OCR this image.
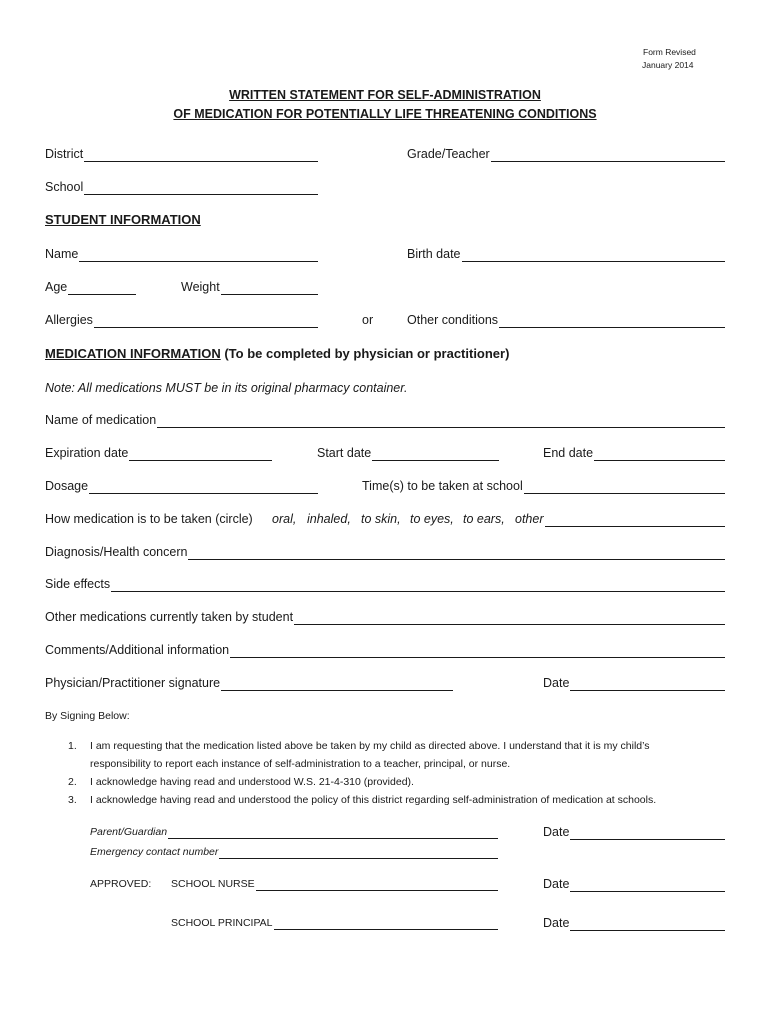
Form Revised
January 2014
WRITTEN STATEMENT FOR SELF-ADMINISTRATION
OF MEDICATION FOR POTENTIALLY LIFE THREATENING CONDITIONS
District	Grade/Teacher
School
STUDENT INFORMATION
Name	Birth date
Age	Weight
Allergies	or	Other conditions
MEDICATION INFORMATION (To be completed by physician or practitioner)
Note: All medications MUST be in its original pharmacy container.
Name of medication
Expiration date	Start date	End date
Dosage	Time(s) to be taken at school
How medication is to be taken (circle) oral, inhaled, to skin, to eyes, to ears, other
Diagnosis/Health concern
Side effects
Other medications currently taken by student
Comments/Additional information
Physician/Practitioner signature	Date
By Signing Below:
1. I am requesting that the medication listed above be taken by my child as directed above. I understand that it is my child’s
responsibility to report each instance of self-administration to a teacher, principal, or nurse.
2. I acknowledge having read and understood W.S. 21-4-310 (provided).
3. I acknowledge having read and understood the policy of this district regarding self-administration of medication at schools.
Parent/Guardian	Date
Emergency contact number
APPROVED: SCHOOL NURSE	Date
SCHOOL PRINCIPAL	Date
